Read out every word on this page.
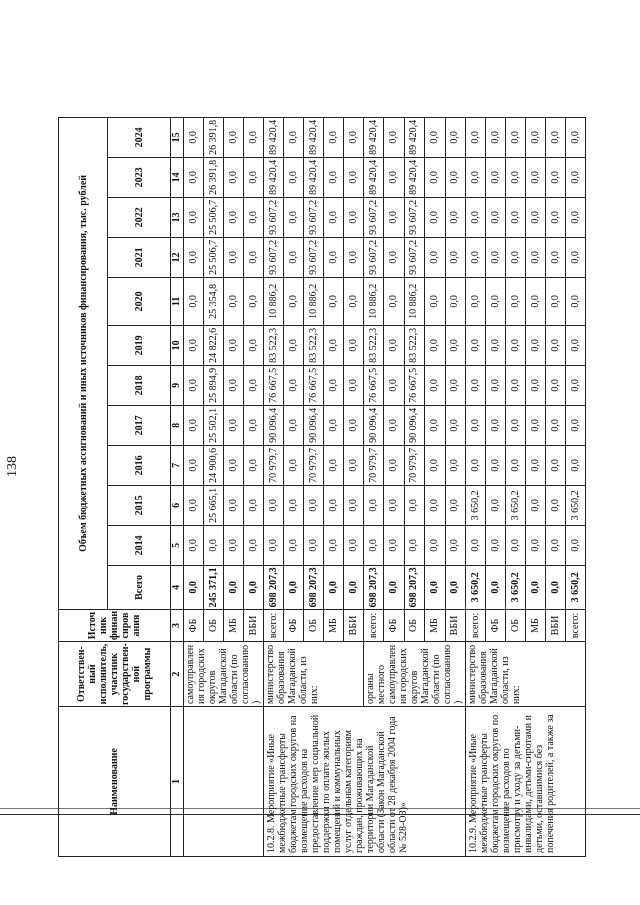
138
Наименование	Ответствен-ный исполнитель, участник государствен-ной программы	Источ ник финан сиров ания	Объем бюджетных ассигнований и иных источников финансирования, тыс. рублей											
			Всего	2014	2015	2016	2017	2018	2019	2020	2021	2022	2023	2024
1	2	3	4	5	6	7	8	9	10	11	12	13	14	15
	самоуправлен ия городских округов Магаданской области (по согласованию )	ФБ	0,0	0,0	0,0	0,0	0,0	0,0	0,0	0,0	0,0	0,0	0,0	0,0
		ОБ	245 371,1	0,0	25 665,1	24 900,6	25 502,1	25 894,9	24 822,6	25 354,8	25 506,7	25 506,7	26 391,8	26 391,8
		МБ	0,0	0,0	0,0	0,0	0,0	0,0	0,0	0,0	0,0	0,0	0,0	0,0
		ВБИ	0,0	0,0	0,0	0,0	0,0	0,0	0,0	0,0	0,0	0,0	0,0	0,0
10.2.8. Мероприятие «Иные межбюджетные трансферты бюджетам городских округов на возмещение расходов на предоставление мер социальной поддержки по оплате жилых помещений и коммунальных услуг отдельным категориям граждан, проживающих на территории Магаданской области (Закон Магаданской области от 28 декабря 2004 года № 528-ОЗ)»	министерство образования Магаданской области, из них:	всего:	698 207,3	0,0	0,0	70 979,7	90 096,4	76 667,5	83 522,3	10 886,2	93 607,2	93 607,2	89 420,4	89 420,4
		ФБ	0,0	0,0	0,0	0,0	0,0	0,0	0,0	0,0	0,0	0,0	0,0	0,0
		ОБ	698 207,3	0,0	0,0	70 979,7	90 096,4	76 667,5	83 522,3	10 886,2	93 607,2	93 607,2	89 420,4	89 420,4
		МБ	0,0	0,0	0,0	0,0	0,0	0,0	0,0	0,0	0,0	0,0	0,0	0,0
		ВБИ	0,0	0,0	0,0	0,0	0,0	0,0	0,0	0,0	0,0	0,0	0,0	0,0
	органы местного самоуправлен ия городских округов Магаданской области (по согласованию )	всего:	698 207,3	0,0	0,0	70 979,7	90 096,4	76 667,5	83 522,3	10 886,2	93 607,2	93 607,2	89 420,4	89 420,4
		ФБ	0,0	0,0	0,0	0,0	0,0	0,0	0,0	0,0	0,0	0,0	0,0	0,0
		ОБ	698 207,3	0,0	0,0	70 979,7	90 096,4	76 667,5	83 522,3	10 886,2	93 607,2	93 607,2	89 420,4	89 420,4
		МБ	0,0	0,0	0,0	0,0	0,0	0,0	0,0	0,0	0,0	0,0	0,0	0,0
		ВБИ	0,0	0,0	0,0	0,0	0,0	0,0	0,0	0,0	0,0	0,0	0,0	0,0
10.2.9. Мероприятие «Иные межбюджетные трансферты бюджетам городских округов по возмещение расходов по присмотру и уходу за детьми-инвалидами, детьми-сиротами и детьми, оставшимися без попечения родителей, а также за	министерство образования Магаданской области, из них:	всего:	3 650,2	0,0	3 650,2	0,0	0,0	0,0	0,0	0,0	0,0	0,0	0,0	0,0
		ФБ	0,0	0,0	0,0	0,0	0,0	0,0	0,0	0,0	0,0	0,0	0,0	0,0
		ОБ	3 650,2	0,0	3 650,2	0,0	0,0	0,0	0,0	0,0	0,0	0,0	0,0	0,0
		МБ	0,0	0,0	0,0	0,0	0,0	0,0	0,0	0,0	0,0	0,0	0,0	0,0
		ВБИ	0,0	0,0	0,0	0,0	0,0	0,0	0,0	0,0	0,0	0,0	0,0	0,0
		всего:	3 650,2	0,0	3 650,2	0,0	0,0	0,0	0,0	0,0	0,0	0,0	0,0	0,0
